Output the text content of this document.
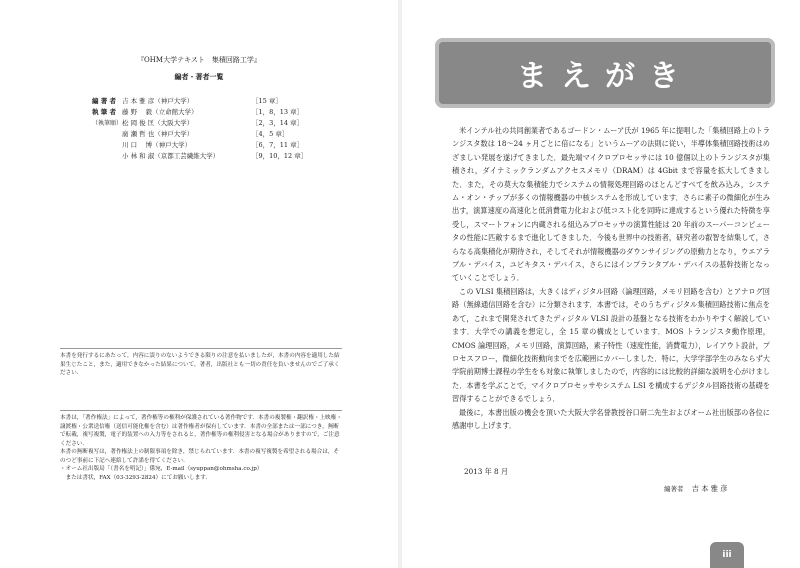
『OHM大学テキスト　集積回路工学』
編者・著者一覧
（執筆順）
編 著 者 吉 本 雅 彦（神戸大学）	［15 章］
執 筆 者 藤 野　 毅（立命館大学）	［1，8，13 章］
松 岡 俊 匡（大阪大学）	［2，3，14 章］
廣 瀬 哲 也（神戸大学）	［4，5 章］
川 口　 博（神戸大学）	［6，7，11 章］
小 林 和 淑（京都工芸繊維大学）	［9，10，12 章］

本書を発行するにあたって，内容に誤りのないようできる限りの注意を払いましたが，本書の内容を適用した結果生じたこと，また，適用できなかった結果について，著者，出版社とも一切の責任を負いませんのでご了承ください．

本書は，「著作権法」によって，著作権等の権利が保護されている著作物です．本書の複製権・翻訳権・上映権・譲渡権・公衆送信権（送信可能化権を含む）は著作権者が保有しています．本書の全部または一部につき，無断で転載，複写複製，電子的装置への入力等をされると，著作権等の権利侵害となる場合がありますので，ご注意ください．

本書の無断複写は，著作権法上の制限事項を除き，禁じられています．本書の複写複製を希望される場合は，そのつど事前に下記へ連絡して許諾を得てください．

・オーム社出版局「（書名を明記）」係宛，E-mail（syuppan@ohmsha.co.jp）

　または書状，FAX（03-3293-2824）にてお願いします．

まえがき

米インテル社の共同創業者であるゴードン・ムーア氏が 1965 年に提唱した「集積回路上のトランジスタ数は 18〜24 ヶ月ごとに倍になる」というムーアの法則に従い，半導体集積回路技術はめざましい発展を遂げてきました．最先端マイクロプロセッサには 10 億個以上のトランジスタが集積され，ダイナミックランダムアクセスメモリ（DRAM）は 4Gbit まで容量を拡大してきました．また，その莫大な集積能力でシステムの情報処理回路のほとんどすべてを飲み込み，システム・オン・チップが多くの情報機器の中核システムを形成しています．さらに素子の微細化が生み出す，演算速度の高速化と低消費電力化および低コスト化を同時に達成するという優れた特徴を享受し，スマートフォンに内蔵される組込みプロセッサの演算性能は 20 年前のスーパーコンピュータの性能に匹敵するまで進化してきました．今後も世界中の技術者，研究者の叡智を結集して，さらなる高集積化が期待され，そしてそれが情報機器のダウンサイジングの原動力となり，ウエアラブル・デバイス，ユビキタス・デバイス，さらにはインプランタブル・デバイスの基幹技術となっていくことでしょう．

この VLSI 集積回路は，大きくはディジタル回路（論理回路，メモリ回路を含む）とアナログ回路（無線通信回路を含む）に分類されます．本書では，そのうちディジタル集積回路技術に焦点をあて，これまで開発されてきたディジタル VLSI 設計の基盤となる技術をわかりやすく解説しています．大学での講義を想定し，全 15 章の構成としています．MOS トランジスタ動作原理，CMOS 論理回路，メモリ回路，演算回路，素子特性（速度性能，消費電力），レイアウト設計，プロセスフロー，微細化技術動向までを広範囲にカバーしました．特に，大学学部学生のみならず大学院前期博士課程の学生をも対象に執筆しましたので，内容的には比較的詳細な説明を心がけました．本書を学ぶことで，マイクロプロセッサやシステム LSI を構成するデジタル回路技術の基礎を習得することができるでしょう．

最後に，本書出版の機会を頂いた大阪大学名誉教授谷口研二先生およびオーム社出版部の各位に感謝申し上げます．

2013 年 8 月
編著者 吉 本 雅 彦
iii
